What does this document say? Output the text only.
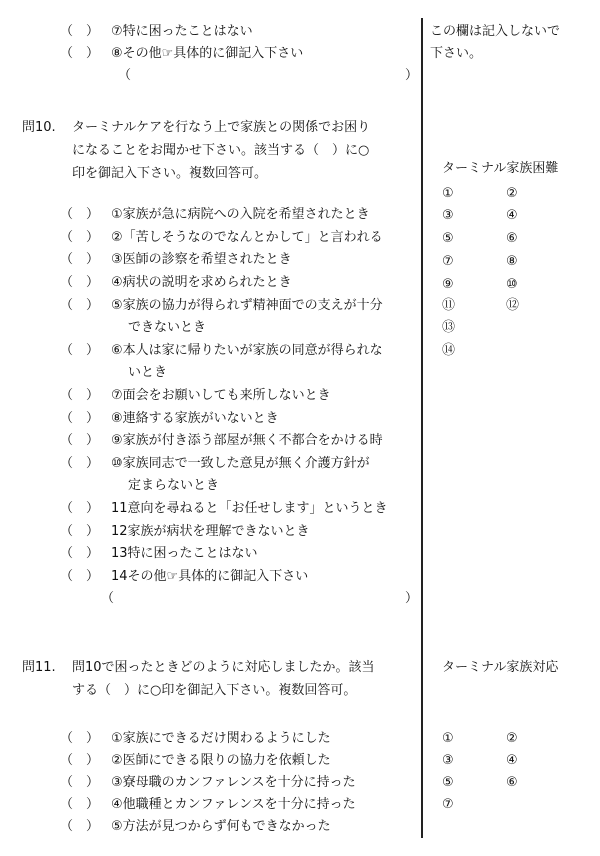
（　） ⑦特に困ったことはない
（　） ⑧その他☞具体的に御記入下さい
（	）
この欄は記入しないで
下さい。
問10. ターミナルケアを行なう上で家族との関係でお困り
になることをお聞かせ下さい。該当する（　）に○
印を御記入下さい。複数回答可。	ターミナル家族困難
①	②
③	④
⑤	⑥
⑦	⑧
⑨	⑩
⑪	⑫
⑬
⑭
（　） ①家族が急に病院への入院を希望されたとき
（　） ②「苦しそうなのでなんとかして」と言われる
（　） ③医師の診察を希望されたとき
（　） ④病状の説明を求められたとき
（　） ⑤家族の協力が得られず精神面での支えが十分
できないとき
（　） ⑥本人は家に帰りたいが家族の同意が得られな
いとき
（　） ⑦面会をお願いしても来所しないとき
（　） ⑧連絡する家族がいないとき
（　） ⑨家族が付き添う部屋が無く不都合をかける時
（　） ⑩家族同志で一致した意見が無く介護方針が
定まらないとき
（　） 11意向を尋ねると「お任せします」というとき
（　） 12家族が病状を理解できないとき
（　） 13特に困ったことはない
（　） 14その他☞具体的に御記入下さい
（	）
問11. 問10で困ったときどのように対応しましたか。該当
する（　）に○印を御記入下さい。複数回答可。
ターミナル家族対応
①	②
③	④
⑤	⑥
⑦
（　） ①家族にできるだけ関わるようにした
（　） ②医師にできる限りの協力を依頼した
（　） ③寮母職のカンファレンスを十分に持った
（　） ④他職種とカンファレンスを十分に持った
（　） ⑤方法が見つからず何もできなかった
